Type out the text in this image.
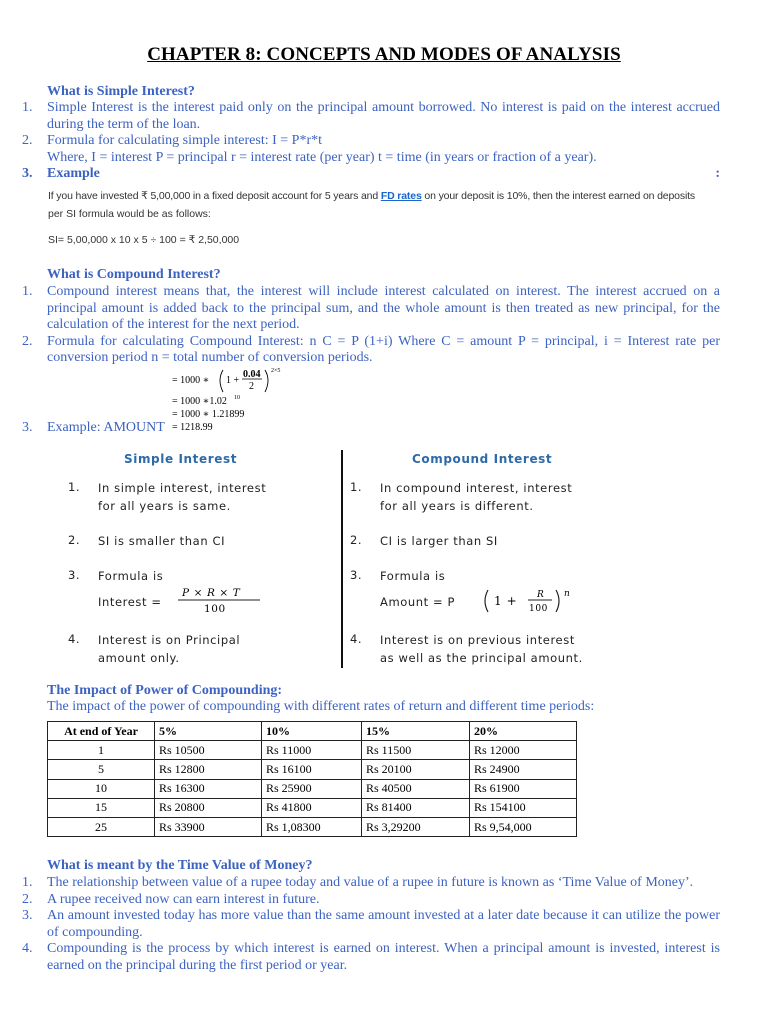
CHAPTER 8: CONCEPTS AND MODES OF ANALYSIS
What is Simple Interest?
1. Simple Interest is the interest paid only on the principal amount borrowed. No interest is paid on the interest accrued during the term of the loan.
2. Formula for calculating simple interest: I = P*r*t
Where, I = interest P = principal r = interest rate (per year) t = time (in years or fraction of a year).
3. Example	:
If you have invested ₹ 5,00,000 in a fixed deposit account for 5 years and FD rates on your deposit is 10%, then the interest earned on deposits
per SI formula would be as follows:
SI= 5,00,000 x 10 x 5 ÷ 100 = ₹ 2,50,000
What is Compound Interest?
1. Compound interest means that, the interest will include interest calculated on interest. The interest accrued on a principal amount is added back to the principal sum, and the whole amount is then treated as new principal, for the calculation of the interest for the next period.
2. Formula for calculating Compound Interest: n C = P (1+i) Where C = amount P = principal, i = Interest rate per conversion period n = total number of conversion periods.
3. Example: AMOUNT
= 1000 ∗ 1 +
0.04
2
2×5
= 1000 ∗1.02 10
= 1000 ∗ 1.21899
= 1218.99
Simple Interest	Compound Interest
1. In simple interest, interest
for all years is same.
2. SI is smaller than CI
3. Formula is
Interest =
P × R × T
100
4. Interest is on Principal
amount only.
1. In compound interest, interest
for all years is different.
2. CI is larger than SI
3. Formula is
Amount = P	1 + R
100
n
4. Interest is on previous interest
as well as the principal amount.
The Impact of Power of Compounding:
The impact of the power of compounding with different rates of return and different time periods:
At end of Year	5%	10%	15%	20%
1	Rs 10500	Rs 11000	Rs 11500	Rs 12000
5	Rs 12800	Rs 16100	Rs 20100	Rs 24900
10	Rs 16300	Rs 25900	Rs 40500	Rs 61900
15	Rs 20800	Rs 41800	Rs 81400	Rs 154100
25	Rs 33900	Rs 1,08300	Rs 3,29200	Rs 9,54,000
What is meant by the Time Value of Money?
1. The relationship between value of a rupee today and value of a rupee in future is known as ‘Time Value of Money’.
2. A rupee received now can earn interest in future.
3. An amount invested today has more value than the same amount invested at a later date because it can utilize the power of compounding.
4. Compounding is the process by which interest is earned on interest. When a principal amount is invested, interest is earned on the principal during the first period or year.
